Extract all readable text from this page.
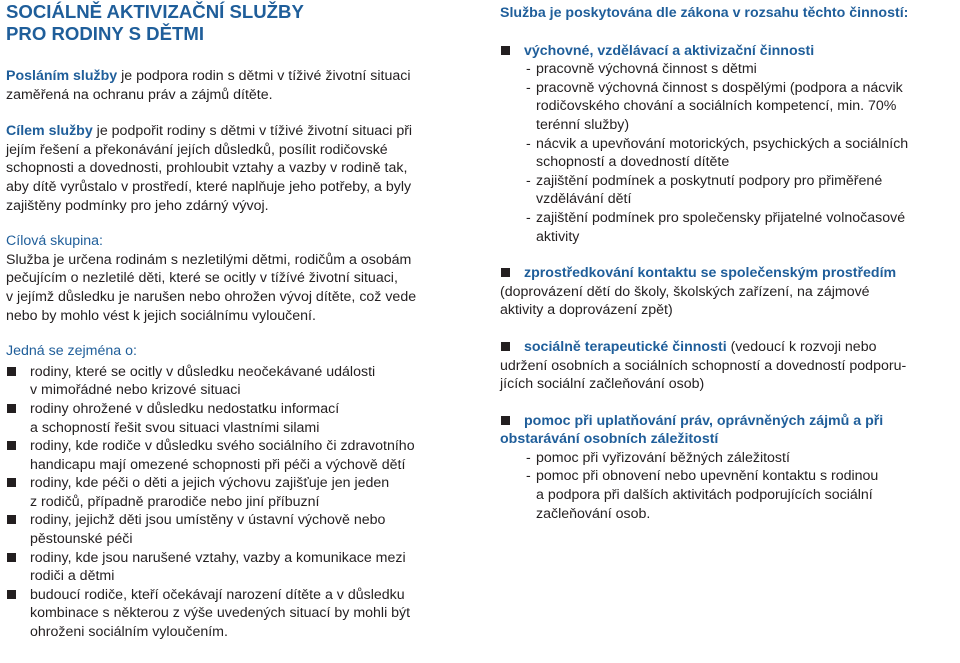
SOCIÁLNĚ AKTIVIZAČNÍ SLUŽBY
PRO RODINY S DĚTMI

Posláním služby je podpora rodin s dětmi v tíživé životní situaci
zaměřená na ochranu práv a zájmů dítěte.

Cílem služby je podpořit rodiny s dětmi v tíživé životní situaci při
jejím řešení a překonávání jejích důsledků, posílit rodičovské
schopnosti a dovednosti, prohloubit vztahy a vazby v rodině tak,
aby dítě vyrůstalo v prostředí, které naplňuje jeho potřeby, a byly
zajištěny podmínky pro jeho zdárný vývoj.

Cílová skupina:
Služba je určena rodinám s nezletilými dětmi, rodičům a osobám
pečujícím o nezletilé děti, které se ocitly v tížívé životní situaci,
v jejímž důsledku je narušen nebo ohrožen vývoj dítěte, což vede
nebo by mohlo vést k jejich sociálnímu vyloučení.
Jedná se zejména o:
rodiny, které se ocitly v důsledku neočekávané události
v mimořádné nebo krizové situaci
rodiny ohrožené v důsledku nedostatku informací
a schopností řešit svou situaci vlastními silami
rodiny, kde rodiče v důsledku svého sociálního či zdravotního
handicapu mají omezené schopnosti při péči a výchově dětí
rodiny, kde péči o děti a jejich výchovu zajišťuje jen jeden
z rodičů, případně prarodiče nebo jiní příbuzní
rodiny, jejichž děti jsou umístěny v ústavní výchově nebo
pěstounské péči
rodiny, kde jsou narušené vztahy, vazby a komunikace mezi
rodiči a dětmi
budoucí rodiče, kteří očekávají narození dítěte a v důsledku
kombinace s některou z výše uvedených situací by mohli být
ohroženi sociálním vyloučením.
Služba je poskytována dle zákona v rozsahu těchto činností:
výchovné, vzdělávací a aktivizační činnosti
- pracovně výchovná činnost s dětmi
- pracovně výchovná činnost s dospělými (podpora a nácvik
rodičovského chování a sociálních kompetencí, min. 70%
terénní služby)
- nácvik a upevňování motorických, psychických a sociálních
schopností a dovedností dítěte
- zajištění podmínek a poskytnutí podpory pro přiměřené
vzdělávání dětí
- zajištění podmínek pro společensky přijatelné volnočasové
aktivity
zprostředkování kontaktu se společenským prostředím
(doprovázení dětí do školy, školských zařízení, na zájmové
aktivity a doprovázení zpět)
sociálně terapeutické činnosti (vedoucí k rozvoji nebo
udržení osobních a sociálních schopností a dovedností podporu-
jících sociální začleňování osob)
pomoc při uplatňování práv, oprávněných zájmů a při
obstarávání osobních záležitostí
- pomoc při vyřizování běžných záležitostí
- pomoc při obnovení nebo upevnění kontaktu s rodinou
a podpora při dalších aktivitách podporujících sociální
začleňování osob.
